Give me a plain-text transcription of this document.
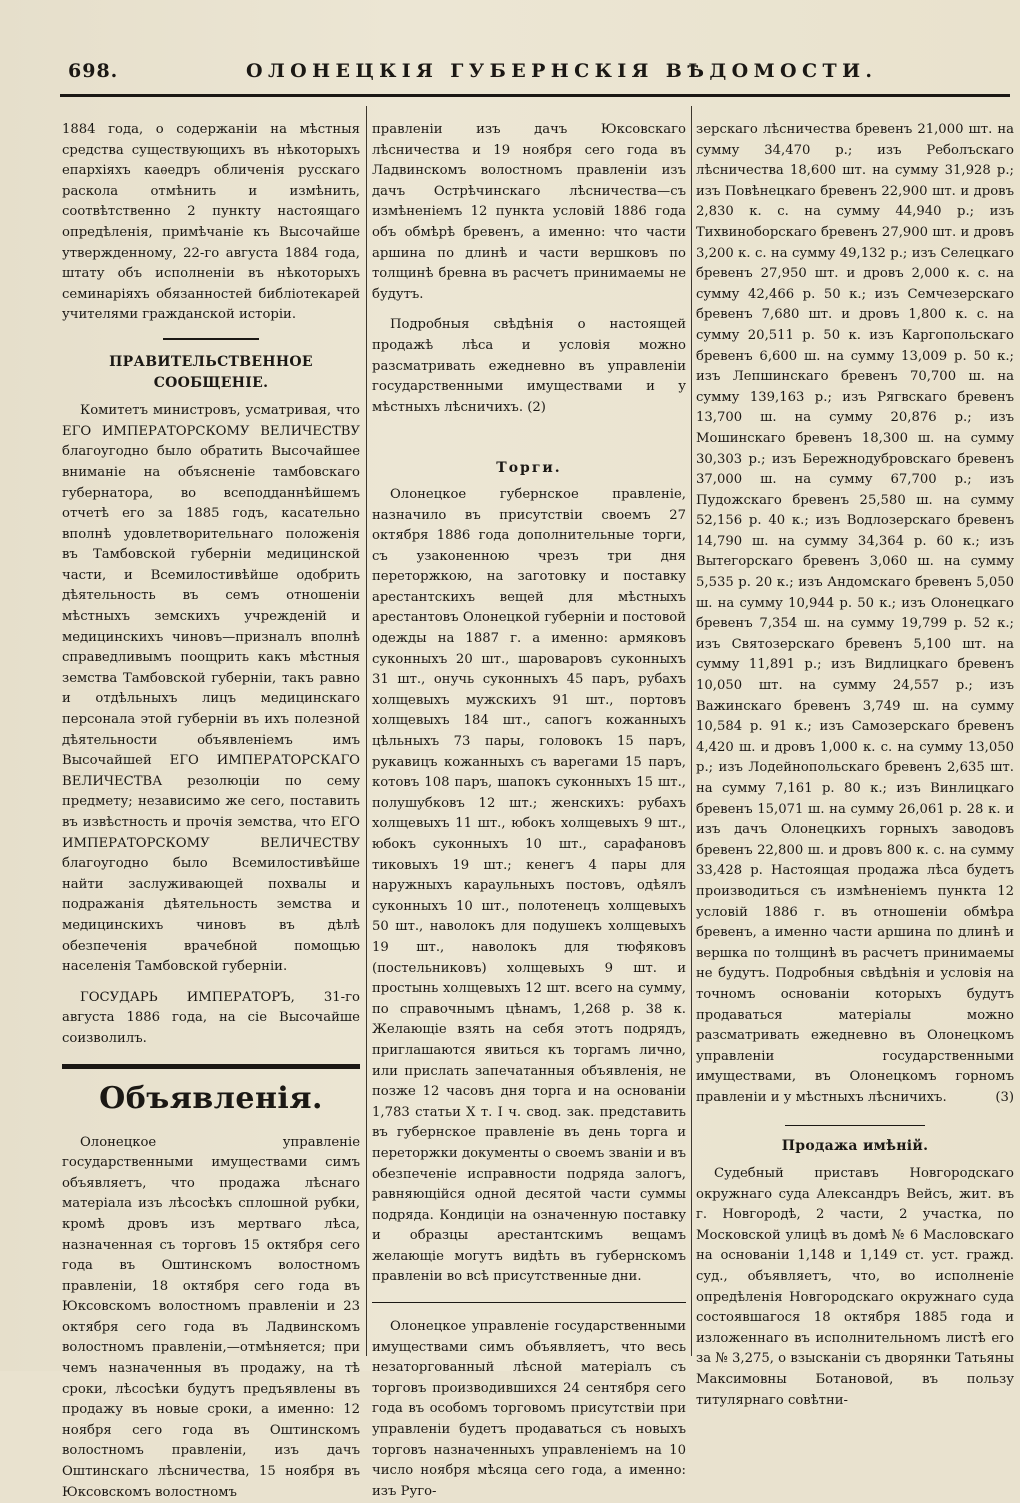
698.	ОЛОНЕЦКІЯ ГУБЕРНСКІЯ ВѢДОМОСТИ.

1884 года, о содержаніи на мѣстныя средства существующихъ въ нѣкоторыхъ епархіяхъ каѳедръ обличенія русскаго раскола отмѣнить и измѣнить, соотвѣтственно 2 пункту настоящаго опредѣленія, примѣчаніе къ Высочайше утвержденному, 22-го августа 1884 года, штату объ исполненіи въ нѣкоторыхъ семинаріяхъ обязанностей библіотекарей учителями гражданской исторіи.

ПРАВИТЕЛЬСТВЕННОЕ СООБЩЕНІЕ.

Комитетъ министровъ, усматривая, что ЕГО ИМПЕРАТОРСКОМУ ВЕЛИЧЕСТВУ благоугодно было обратить Высочайшее вниманіе на объясненіе тамбовскаго губернатора, во всеподданнѣйшемъ отчетѣ его за 1885 годъ, касательно вполнѣ удовлетворительнаго положенія въ Тамбовской губерніи медицинской части, и Всемилостивѣйше одобрить дѣятельность въ семъ отношеніи мѣстныхъ земскихъ учрежденій и медицинскихъ чиновъ—призналъ вполнѣ справедливымъ поощрить какъ мѣстныя земства Тамбовской губерніи, такъ равно и отдѣльныхъ лицъ медицинскаго персонала этой губерніи въ ихъ полезной дѣятельности объявленіемъ имъ Высочайшей ЕГО ИМПЕРАТОРСКАГО ВЕЛИЧЕСТВА резолюціи по сему предмету; независимо же сего, поставить въ извѣстность и прочія земства, что ЕГО ИМПЕРАТОРСКОМУ ВЕЛИЧЕСТВУ благоугодно было Всемилостивѣйше найти заслуживающей похвалы и подражанія дѣятельность земства и медицинскихъ чиновъ въ дѣлѣ обезпеченія врачебной помощью населенія Тамбовской губерніи.

ГОСУДАРЬ ИМПЕРАТОРЪ, 31-го августа 1886 года, на сіе Высочайше соизволилъ.

Объявленія.

Олонецкое управленіе государственными имуществами симъ объявляетъ, что продажа лѣснаго матеріала изъ лѣсосѣкъ сплошной рубки, кромѣ дровъ изъ мертваго лѣса, назначенная съ торговъ 15 октября сего года въ Оштинскомъ волостномъ правленіи, 18 октября сего года въ Юксовскомъ волостномъ правленіи и 23 октября сего года въ Ладвинскомъ волостномъ правленіи,—отмѣняется; при чемъ назначенныя въ продажу, на тѣ сроки, лѣсосѣки будутъ предъявлены въ продажу въ новые сроки, а именно: 12 ноября сего года въ Оштинскомъ волостномъ правленіи, изъ дачъ Оштинскаго лѣсничества, 15 ноября въ Юксовскомъ волостномъ

правленіи изъ дачъ Юксовскаго лѣсничества и 19 ноября сего года въ Ладвинскомъ волостномъ правленіи изъ дачъ Острѣчинскаго лѣсничества—съ измѣненіемъ 12 пункта условій 1886 года объ обмѣрѣ бревенъ, а именно: что части аршина по длинѣ и части вершковъ по толщинѣ бревна въ расчетъ принимаемы не будутъ.

Подробныя свѣдѣнія о настоящей продажѣ лѣса и условія можно разсматривать ежедневно въ управленіи государственными имуществами и у мѣстныхъ лѣсничихъ. (2)

Торги.

Олонецкое губернское правленіе, назначило въ присутствіи своемъ 27 октября 1886 года дополнительные торги, съ узаконенною чрезъ три дня переторжкою, на заготовку и поставку арестантскихъ вещей для мѣстныхъ арестантовъ Олонецкой губерніи и постовой одежды на 1887 г. а именно: армяковъ суконныхъ 20 шт., шароваровъ суконныхъ 31 шт., онучь суконныхъ 45 паръ, рубахъ холщевыхъ мужскихъ 91 шт., портовъ холщевыхъ 184 шт., сапогъ кожанныхъ цѣльныхъ 73 пары, головокъ 15 паръ, рукавицъ кожанныхъ съ варегами 15 паръ, котовъ 108 паръ, шапокъ суконныхъ 15 шт., полушубковъ 12 шт.; женскихъ: рубахъ холщевыхъ 11 шт., юбокъ холщевыхъ 9 шт., юбокъ суконныхъ 10 шт., сарафановъ тиковыхъ 19 шт.; кенегъ 4 пары для наружныхъ караульныхъ постовъ, одѣялъ суконныхъ 10 шт., полотенецъ холщевыхъ 50 шт., наволокъ для подушекъ холщевыхъ 19 шт., наволокъ для тюфяковъ (постельниковъ) холщевыхъ 9 шт. и простынь холщевыхъ 12 шт. всего на сумму, по справочнымъ цѣнамъ, 1,268 р. 38 к. Желающіе взять на себя этотъ подрядъ, приглашаются явиться къ торгамъ лично, или прислать запечатанныя объявленія, не позже 12 часовъ дня торга и на основаніи 1,783 статьи X т. I ч. свод. зак. представить въ губернское правленіе въ день торга и переторжки документы о своемъ званіи и въ обезпеченіе исправности подряда залогъ, равняющійся одной десятой части суммы подряда. Кондиціи на означенную поставку и образцы арестантскимъ вещамъ желающіе могутъ видѣть въ губернскомъ правленіи во всѣ присутственные дни.

Олонецкое управленіе государственными имуществами симъ объявляетъ, что весь незаторгованный лѣсной матеріалъ съ торговъ производившихся 24 сентября сего года въ особомъ торговомъ присутствіи при управленіи будетъ продаваться съ новыхъ торговъ назначенныхъ управленіемъ на 10 число ноября мѣсяца сего года, а именно: изъ Руго-

зерскаго лѣсничества бревенъ 21,000 шт. на сумму 34,470 р.; изъ Реболъскаго лѣсничества 18,600 шт. на сумму 31,928 р.; изъ Повѣнецкаго бревенъ 22,900 шт. и дровъ 2,830 к. с. на сумму 44,940 р.; изъ Тихвиноборскаго бревенъ 27,900 шт. и дровъ 3,200 к. с. на сумму 49,132 р.; изъ Селецкаго бревенъ 27,950 шт. и дровъ 2,000 к. с. на сумму 42,466 р. 50 к.; изъ Семчезерскаго бревенъ 7,680 шт. и дровъ 1,800 к. с. на сумму 20,511 р. 50 к. изъ Каргопольскаго бревенъ 6,600 ш. на сумму 13,009 р. 50 к.; изъ Лепшинскаго бревенъ 70,700 ш. на сумму 139,163 р.; изъ Рягвскаго бревенъ 13,700 ш. на сумму 20,876 р.; изъ Мошинскаго бревенъ 18,300 ш. на сумму 30,303 р.; изъ Бережнодубровскаго бревенъ 37,000 ш. на сумму 67,700 р.; изъ Пудожскаго бревенъ 25,580 ш. на сумму 52,156 р. 40 к.; изъ Водлозерскаго бревенъ 14,790 ш. на сумму 34,364 р. 60 к.; изъ Вытегорскаго бревенъ 3,060 ш. на сумму 5,535 р. 20 к.; изъ Андомскаго бревенъ 5,050 ш. на сумму 10,944 р. 50 к.; изъ Олонецкаго бревенъ 7,354 ш. на сумму 19,799 р. 52 к.; изъ Святозерскаго бревенъ 5,100 шт. на сумму 11,891 р.; изъ Видлицкаго бревенъ 10,050 шт. на сумму 24,557 р.; изъ Важинскаго бревенъ 3,749 ш. на сумму 10,584 р. 91 к.; изъ Самозерскаго бревенъ 4,420 ш. и дровъ 1,000 к. с. на сумму 13,050 р.; изъ Лодейнопольскаго бревенъ 2,635 шт. на сумму 7,161 р. 80 к.; изъ Винлицкаго бревенъ 15,071 ш. на сумму 26,061 р. 28 к. и изъ дачъ Олонецкихъ горныхъ заводовъ бревенъ 22,800 ш. и дровъ 800 к. с. на сумму 33,428 р. Настоящая продажа лѣса будетъ производиться съ измѣненіемъ пункта 12 условій 1886 г. въ отношеніи обмѣра бревенъ, а именно части аршина по длинѣ и вершка по толщинѣ въ расчетъ принимаемы не будутъ. Подробныя свѣдѣнія и условія на точномъ основаніи которыхъ будутъ продаваться матеріалы можно разсматривать ежедневно въ Олонецкомъ управленіи государственными имуществами, въ Олонецкомъ горномъ правленіи и у мѣстныхъ лѣсничихъ.	(3)

Продажа имѣній.

Судебный приставъ Новгородскаго окружнаго суда Александръ Вейсъ, жит. въ г. Новгородѣ, 2 части, 2 участка, по Московской улицѣ въ домѣ № 6 Масловскаго на основаніи 1,148 и 1,149 ст. уст. гражд. суд., объявляетъ, что, во исполненіе опредѣленія Новгородскаго окружнаго суда состоявшагося 18 октября 1885 года и изложеннаго въ исполнительномъ листѣ его за № 3,275, о взысканіи съ дворянки Татьяны Максимовны Ботановой, въ пользу титулярнаго совѣтни-
